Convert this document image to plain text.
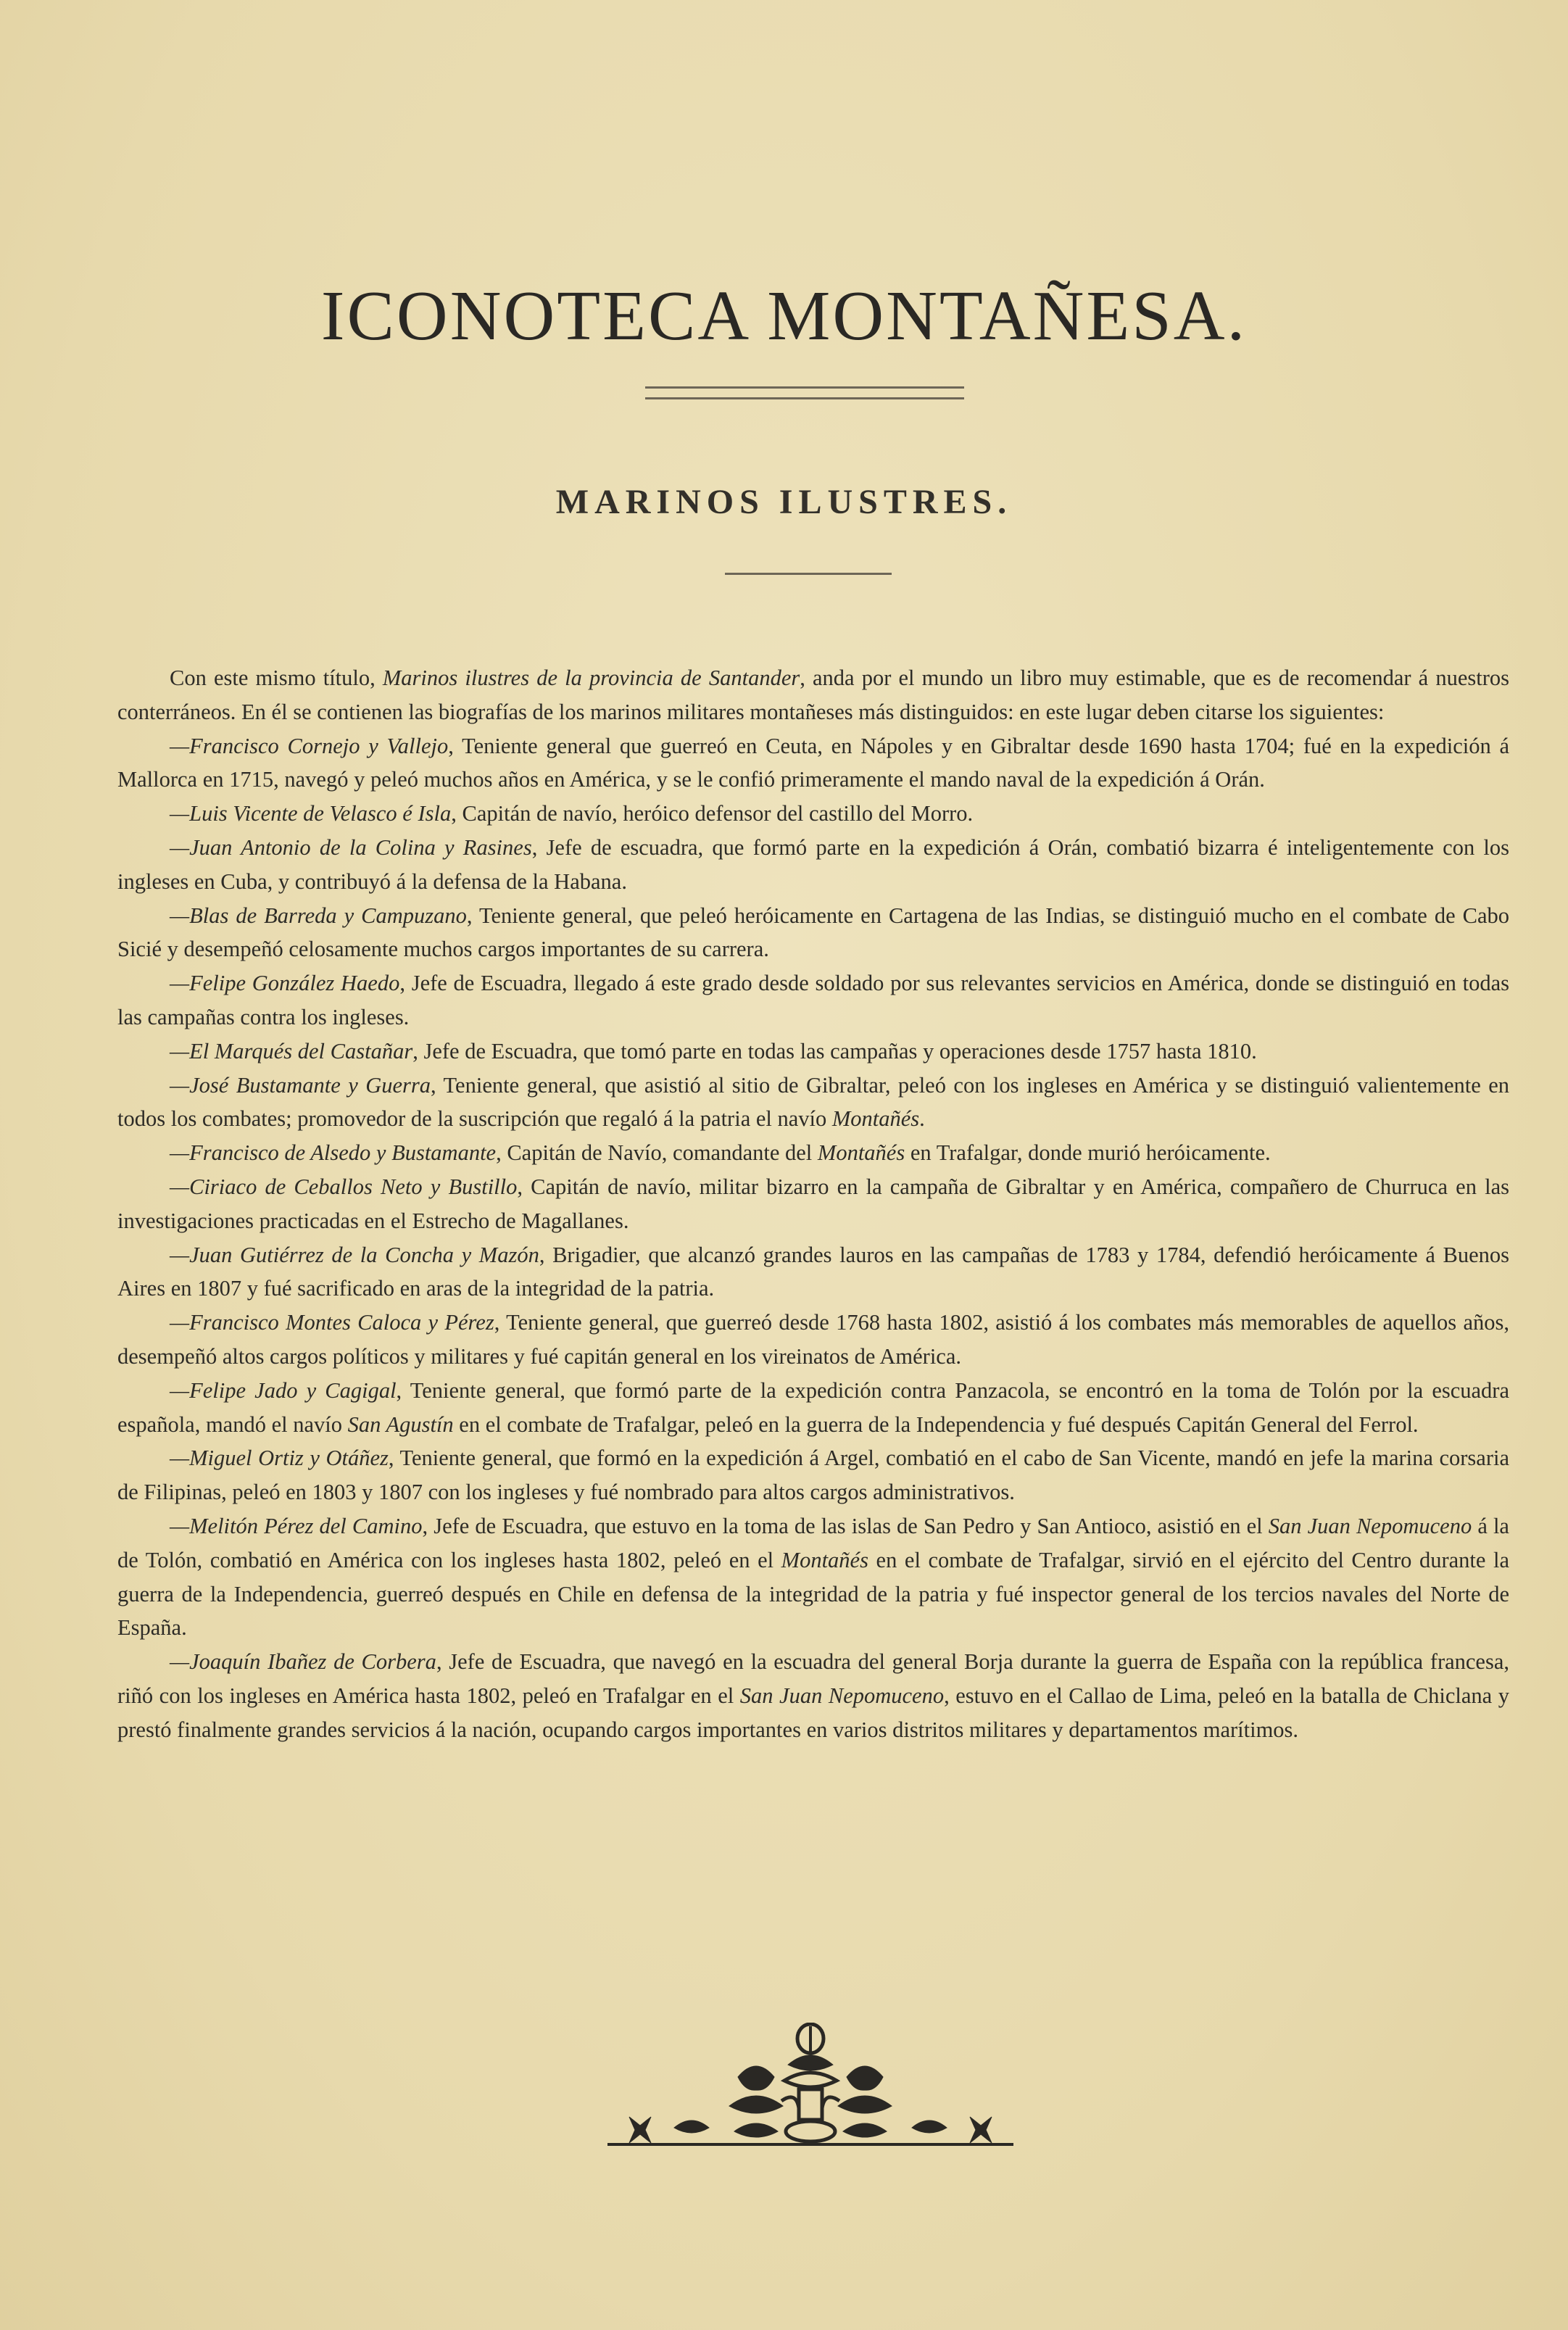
ICONOTECA MONTAÑESA.
MARINOS ILUSTRES.

Con este mismo título, Marinos ilustres de la provincia de Santander, anda por el mundo un libro muy estimable, que es de recomendar á nuestros conterráneos. En él se contienen las biografías de los marinos militares montañeses más distinguidos: en este lugar deben citarse los siguientes:

—Francisco Cornejo y Vallejo, Teniente general que guerreó en Ceuta, en Nápoles y en Gibraltar desde 1690 hasta 1704; fué en la expedición á Mallorca en 1715, navegó y peleó muchos años en América, y se le confió primeramente el mando naval de la expedición á Orán.

—Luis Vicente de Velasco é Isla, Capitán de navío, heróico defensor del castillo del Morro.

—Juan Antonio de la Colina y Rasines, Jefe de escuadra, que formó parte en la expedición á Orán, combatió bizarra é inteligentemente con los ingleses en Cuba, y contribuyó á la defensa de la Habana.

—Blas de Barreda y Campuzano, Teniente general, que peleó heróicamente en Cartagena de las Indias, se distinguió mucho en el combate de Cabo Sicié y desempeñó celosamente muchos cargos importantes de su carrera.

—Felipe González Haedo, Jefe de Escuadra, llegado á este grado desde soldado por sus relevantes servicios en América, donde se distinguió en todas las campañas contra los ingleses.

—El Marqués del Castañar, Jefe de Escuadra, que tomó parte en todas las campañas y operaciones desde 1757 hasta 1810.

—José Bustamante y Guerra, Teniente general, que asistió al sitio de Gibraltar, peleó con los ingleses en América y se distinguió valientemente en todos los combates; promovedor de la suscripción que regaló á la patria el navío Montañés.

—Francisco de Alsedo y Bustamante, Capitán de Navío, comandante del Montañés en Trafalgar, donde murió heróicamente.

—Ciriaco de Ceballos Neto y Bustillo, Capitán de navío, militar bizarro en la campaña de Gibraltar y en América, compañero de Churruca en las investigaciones practicadas en el Estrecho de Magallanes.

—Juan Gutiérrez de la Concha y Mazón, Brigadier, que alcanzó grandes lauros en las campañas de 1783 y 1784, defendió heróicamente á Buenos Aires en 1807 y fué sacrificado en aras de la integridad de la patria.

—Francisco Montes Caloca y Pérez, Teniente general, que guerreó desde 1768 hasta 1802, asistió á los combates más memorables de aquellos años, desempeñó altos cargos políticos y militares y fué capitán general en los vireinatos de América.

—Felipe Jado y Cagigal, Teniente general, que formó parte de la expedición contra Panzacola, se encontró en la toma de Tolón por la escuadra española, mandó el navío San Agustín en el combate de Trafalgar, peleó en la guerra de la Independencia y fué después Capitán General del Ferrol.

—Miguel Ortiz y Otáñez, Teniente general, que formó en la expedición á Argel, combatió en el cabo de San Vicente, mandó en jefe la marina corsaria de Filipinas, peleó en 1803 y 1807 con los ingleses y fué nombrado para altos cargos administrativos.

—Melitón Pérez del Camino, Jefe de Escuadra, que estuvo en la toma de las islas de San Pedro y San Antioco, asistió en el San Juan Nepomuceno á la de Tolón, combatió en América con los ingleses hasta 1802, peleó en el Montañés en el combate de Trafalgar, sirvió en el ejército del Centro durante la guerra de la Independencia, guerreó después en Chile en defensa de la integridad de la patria y fué inspector general de los tercios navales del Norte de España.

—Joaquín Ibañez de Corbera, Jefe de Escuadra, que navegó en la escuadra del general Borja durante la guerra de España con la república francesa, riñó con los ingleses en América hasta 1802, peleó en Trafalgar en el San Juan Nepomuceno, estuvo en el Callao de Lima, peleó en la batalla de Chiclana y prestó finalmente grandes servicios á la nación, ocupando cargos importantes en varios distritos militares y departamentos marítimos.
